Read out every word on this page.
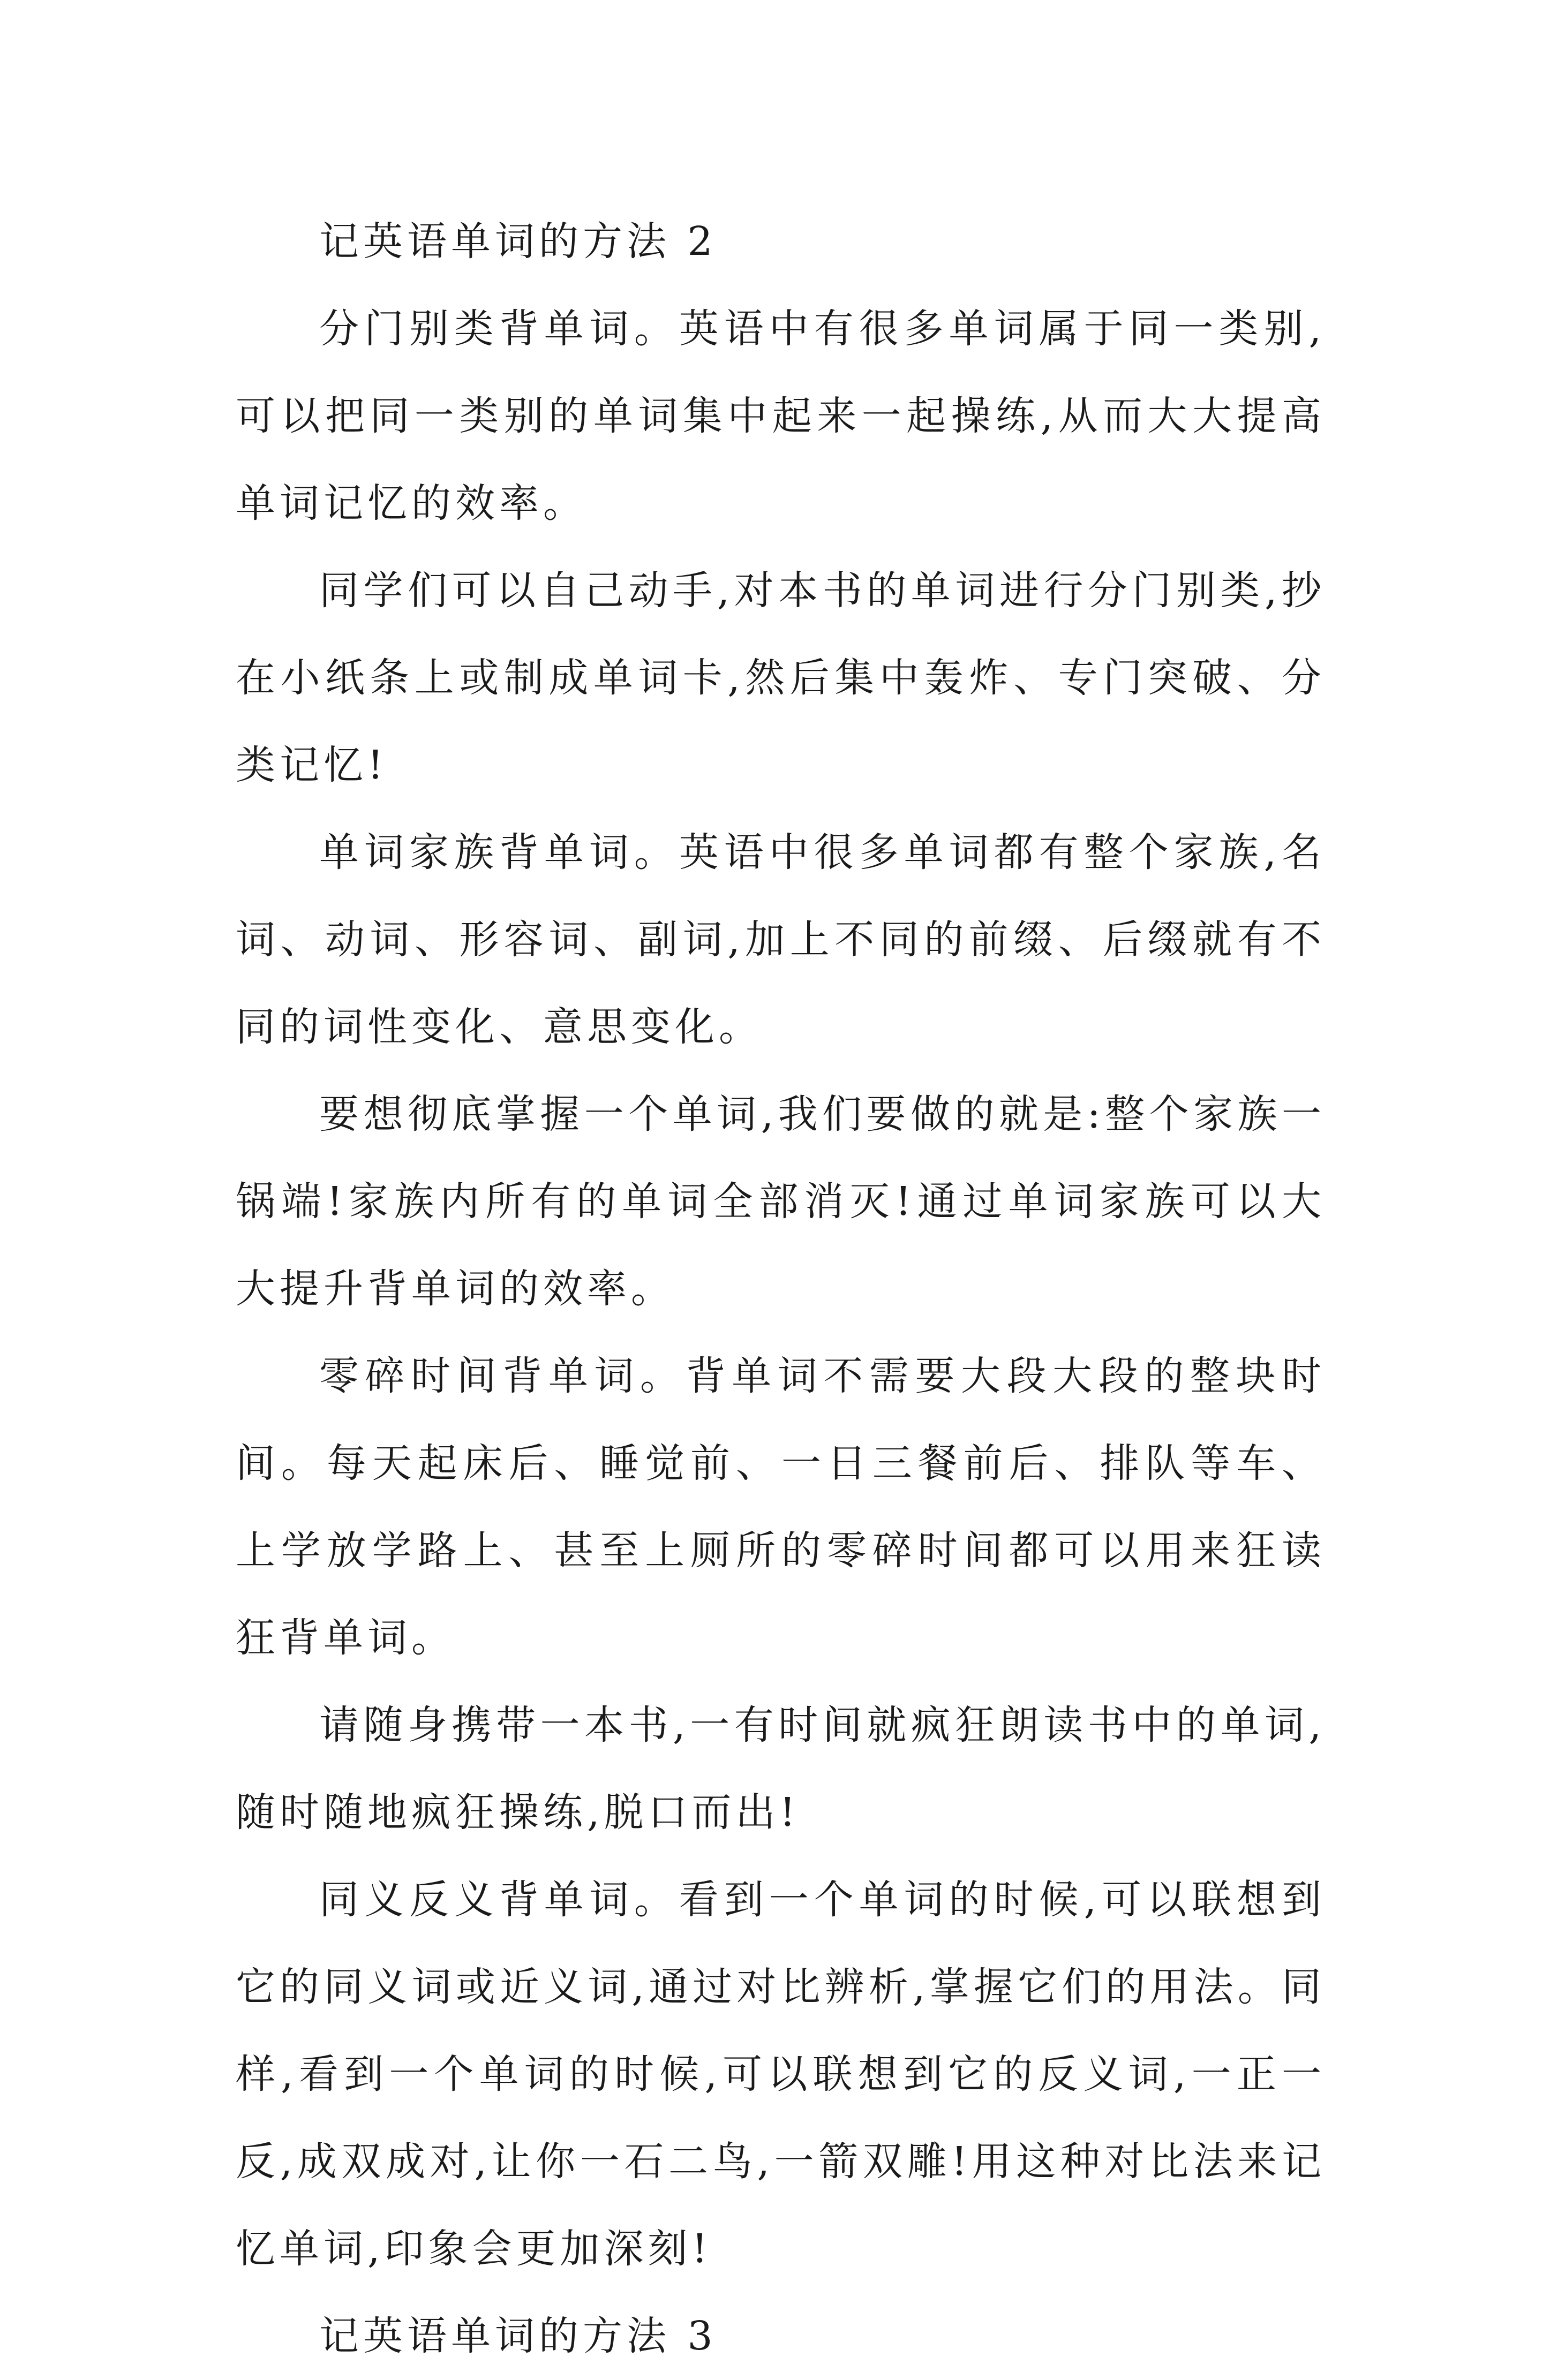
记英语单词的方法 2

分门别类背单词。英语中有很多单词属于同一类别,可以把同一类别的单词集中起来一起操练,从而大大提高单词记忆的效率。

同学们可以自己动手,对本书的单词进行分门别类,抄在小纸条上或制成单词卡,然后集中轰炸、专门突破、分类记忆!

单词家族背单词。英语中很多单词都有整个家族,名词、动词、形容词、副词,加上不同的前缀、后缀就有不同的词性变化、意思变化。

要想彻底掌握一个单词,我们要做的就是:整个家族一锅端!家族内所有的单词全部消灭!通过单词家族可以大大提升背单词的效率。

零碎时间背单词。背单词不需要大段大段的整块时间。每天起床后、睡觉前、一日三餐前后、排队等车、上学放学路上、甚至上厕所的零碎时间都可以用来狂读狂背单词。

请随身携带一本书,一有时间就疯狂朗读书中的单词,随时随地疯狂操练,脱口而出!

同义反义背单词。看到一个单词的时候,可以联想到它的同义词或近义词,通过对比辨析,掌握它们的用法。同样,看到一个单词的时候,可以联想到它的反义词,一正一反,成双成对,让你一石二鸟,一箭双雕!用这种对比法来记忆单词,印象会更加深刻!

记英语单词的方法 3
